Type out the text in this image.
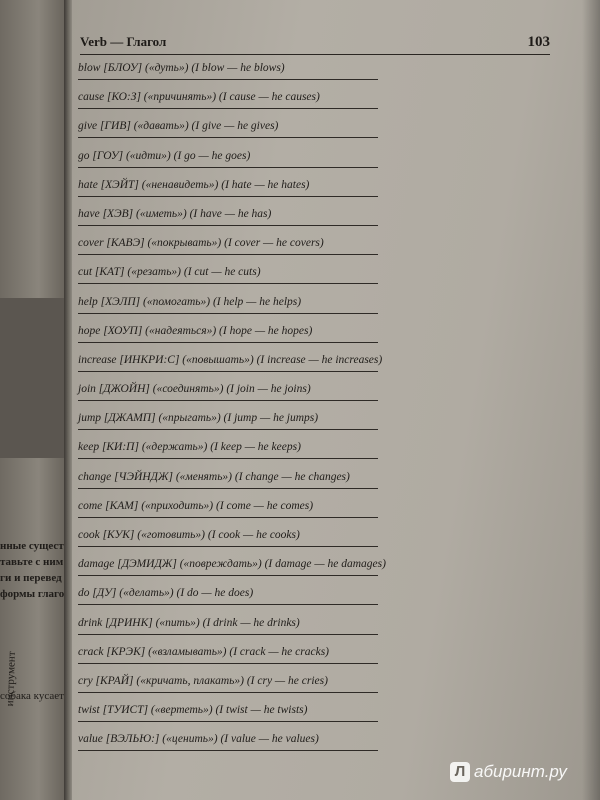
нные сущест
тавьте с ним
ги и перевед
формы глаго
собака кусает
инструмент
Verb — Глагол	103
blow [БЛОУ] («дуть») (I blow — he blows)
cause [КО:З] («причинять») (I cause — he causes)
give [ГИВ] («давать») (I give — he gives)
go [ГОУ] («идти») (I go — he goes)
hate [ХЭЙТ] («ненавидеть») (I hate — he hates)
have [ХЭВ] («иметь») (I have — he has)
cover [КАВЭ] («покрывать») (I cover — he covers)
cut [КАТ] («резать») (I cut — he cuts)
help [ХЭЛП] («помогать») (I help — he helps)
hope [ХОУП] («надеяться») (I hope — he hopes)
increase [ИНКРИ:С] («повышать») (I increase — he increases)
join [ДЖОЙН] («соединять») (I join — he joins)
jump [ДЖАМП] («прыгать») (I jump — he jumps)
keep [КИ:П] («держать») (I keep — he keeps)
change [ЧЭЙНДЖ] («менять») (I change — he changes)
come [КАМ] («приходить») (I come — he comes)
cook [КУК] («готовить») (I cook — he cooks)
damage [ДЭМИДЖ] («повреждать») (I damage — he damages)
do [ДУ] («делать») (I do — he does)
drink [ДРИНК] («пить») (I drink — he drinks)
crack [КРЭК] («взламывать») (I crack — he cracks)
cry [КРАЙ] («кричать, плакать») (I cry — he cries)
twist [ТУИСТ] («вертеть») (I twist — he twists)
value [ВЭЛЬЮ:] («ценить») (I value — he values)
Л абиринт.ру
